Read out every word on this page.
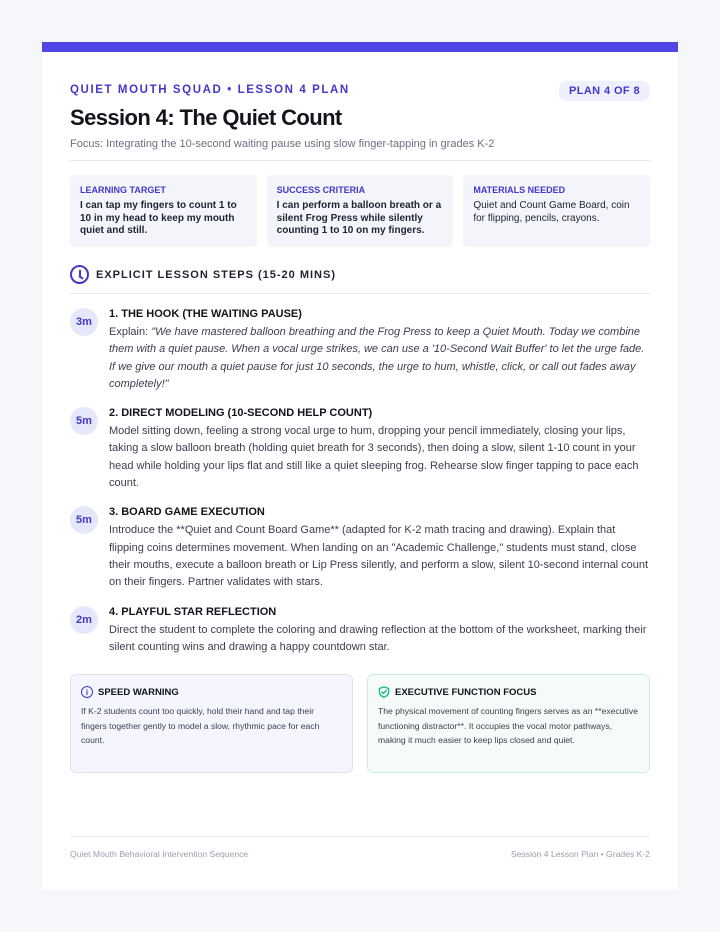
QUIET MOUTH SQUAD • LESSON 4 PLAN	PLAN 4 OF 8
Session 4: The Quiet Count
Focus: Integrating the 10-second waiting pause using slow finger-tapping in grades K-2
LEARNING TARGET
I can tap my fingers to count 1 to 10 in my head to keep my mouth quiet and still.
SUCCESS CRITERIA
I can perform a balloon breath or a silent Frog Press while silently counting 1 to 10 on my fingers.
MATERIALS NEEDED
Quiet and Count Game Board, coin for flipping, pencils, crayons.
EXPLICIT LESSON STEPS (15-20 MINS)
3m
1. THE HOOK (THE WAITING PAUSE)
Explain: "We have mastered balloon breathing and the Frog Press to keep a Quiet Mouth. Today we combine them with a quiet pause. When a vocal urge strikes, we can use a '10-Second Wait Buffer' to let the urge fade. If we give our mouth a quiet pause for just 10 seconds, the urge to hum, whistle, click, or call out fades away completely!"
5m
2. DIRECT MODELING (10-SECOND HELP COUNT)
Model sitting down, feeling a strong vocal urge to hum, dropping your pencil immediately, closing your lips, taking a slow balloon breath (holding quiet breath for 3 seconds), then doing a slow, silent 1-10 count in your head while holding your lips flat and still like a quiet sleeping frog. Rehearse slow finger tapping to pace each count.
5m
3. BOARD GAME EXECUTION
Introduce the **Quiet and Count Board Game** (adapted for K-2 math tracing and drawing). Explain that flipping coins determines movement. When landing on an "Academic Challenge," students must stand, close their mouths, execute a balloon breath or Lip Press silently, and perform a slow, silent 10-second internal count on their fingers. Partner validates with stars.
2m
4. PLAYFUL STAR REFLECTION
Direct the student to complete the coloring and drawing reflection at the bottom of the worksheet, marking their silent counting wins and drawing a happy countdown star.
i	SPEED WARNING
If K-2 students count too quickly, hold their hand and tap their fingers together gently to model a slow, rhythmic pace for each count.
EXECUTIVE FUNCTION FOCUS
The physical movement of counting fingers serves as an **executive functioning distractor**. It occupies the vocal motor pathways, making it much easier to keep lips closed and quiet.
Quiet Mouth Behavioral Intervention Sequence	Session 4 Lesson Plan • Grades K-2
